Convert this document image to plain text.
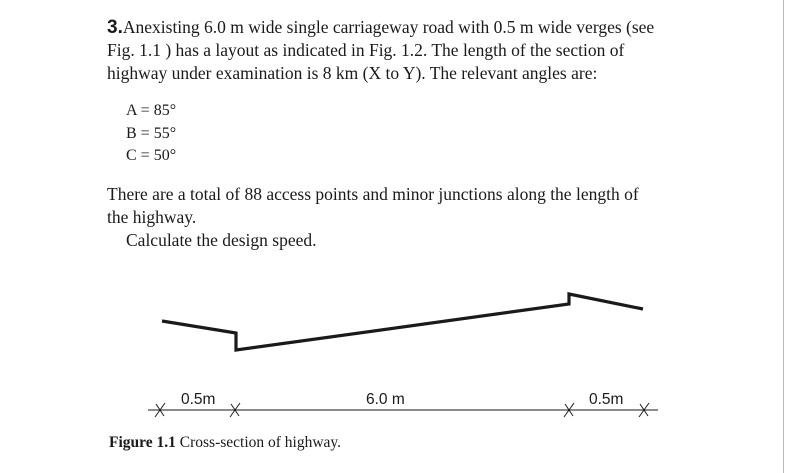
3.Anexisting 6.0 m wide single carriageway road with 0.5 m wide verges (see
Fig. 1.1 ) has a layout as indicated in Fig. 1.2. The length of the section of
highway under examination is 8 km (X to Y). The relevant angles are:
A = 85°
B = 55°
C = 50°
There are a total of 88 access points and minor junctions along the length of
the highway.
Calculate the design speed.
0.5m	6.0 m	0.5m
Figure 1.1 Cross-section of highway.
